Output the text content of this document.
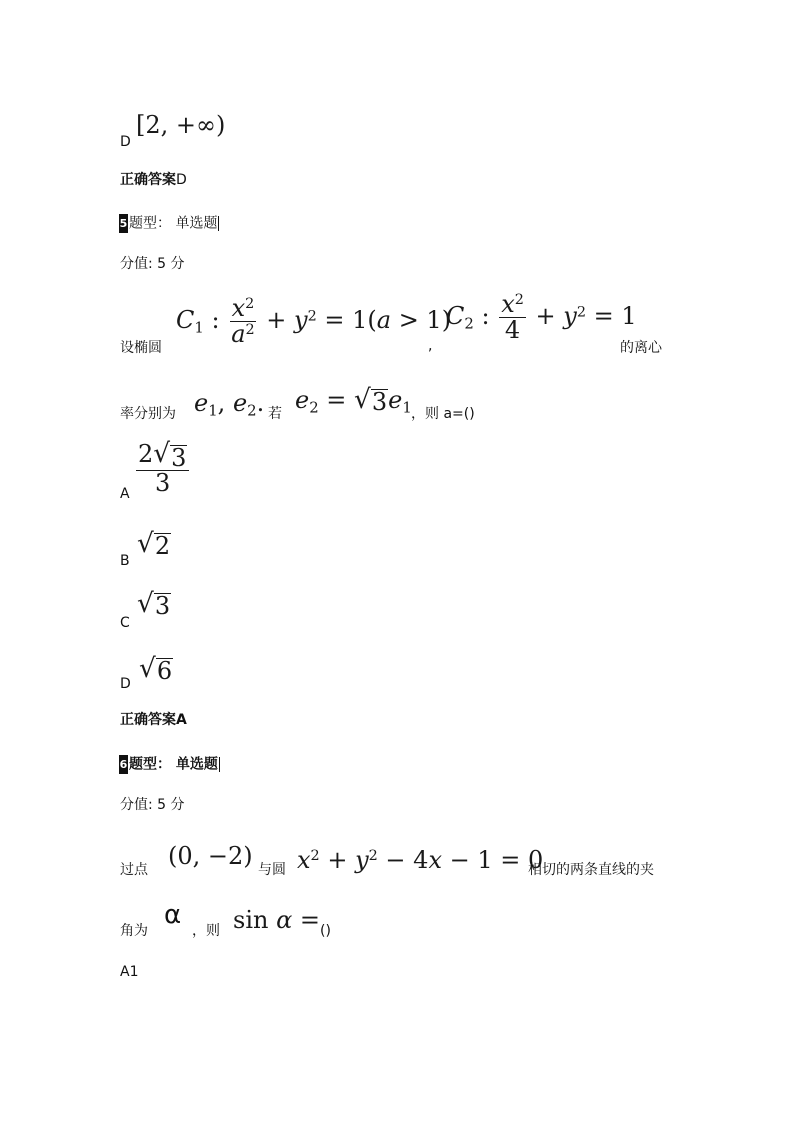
D
[2, +∞)
正确答案D
5 题型： 单选题
分值: 5 分
设椭圆
$C_1$ : $\frac{x^2}{a^2} + y^2 = 1(a > 1)$
,
$C_2$ : $\frac{x^2}{4} + y^2 = 1$
的离心
率分别为 $e_1$, $e_2$. 若 $e_2$ = √ 3 $e_1$ ，则 a=()
A $\frac{2 √ 3}{3}$
B
√ 2
C
√ 3
D √ 6
正确答案A
6 题型： 单选题
分值: 5 分
过点 (0, −2) 与圆 $x^2 + y^2 - 4x - 1 = 0$
相切的两条直线的夹
角为
α
，则 sin α = ()
A1
